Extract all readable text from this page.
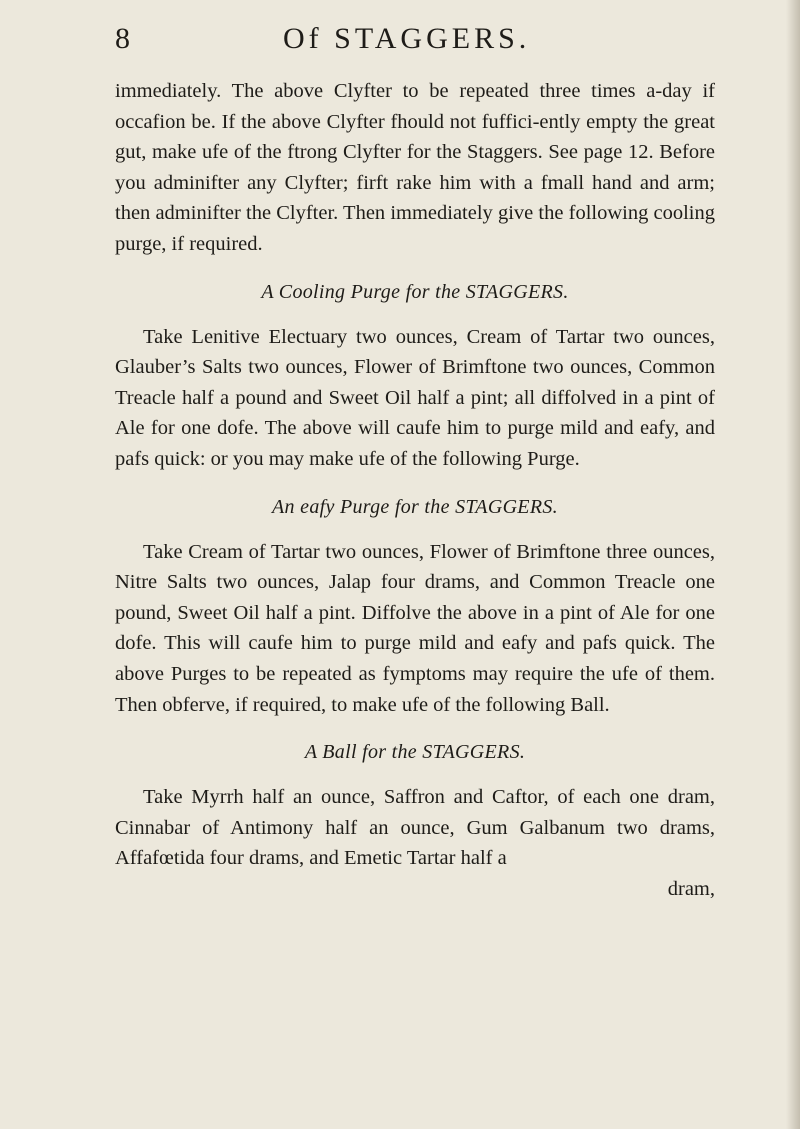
8	Of STAGGERS.

immediately. The above Clyfter to be repeated three times a-day if occafion be. If the above Clyfter fhould not fuffici-ently empty the great gut, make ufe of the ftrong Clyfter for the Staggers. See page 12. Before you adminifter any Clyfter; firft rake him with a fmall hand and arm; then adminifter the Clyfter. Then immediately give the following cooling purge, if required.

A Cooling Purge for the STAGGERS.

Take Lenitive Electuary two ounces, Cream of Tartar two ounces, Glauber’s Salts two ounces, Flower of Brimftone two ounces, Common Treacle half a pound and Sweet Oil half a pint; all diffolved in a pint of Ale for one dofe. The above will caufe him to purge mild and eafy, and pafs quick: or you may make ufe of the following Purge.

An eafy Purge for the STAGGERS.

Take Cream of Tartar two ounces, Flower of Brimftone three ounces, Nitre Salts two ounces, Jalap four drams, and Common Treacle one pound, Sweet Oil half a pint. Diffolve the above in a pint of Ale for one dofe. This will caufe him to purge mild and eafy and pafs quick. The above Purges to be repeated as fymptoms may require the ufe of them. Then obferve, if required, to make ufe of the following Ball.

A Ball for the STAGGERS.

Take Myrrh half an ounce, Saffron and Caftor, of each one dram, Cinnabar of Antimony half an ounce, Gum Galbanum two drams, Affafœtida four drams, and Emetic Tartar half a

dram,
